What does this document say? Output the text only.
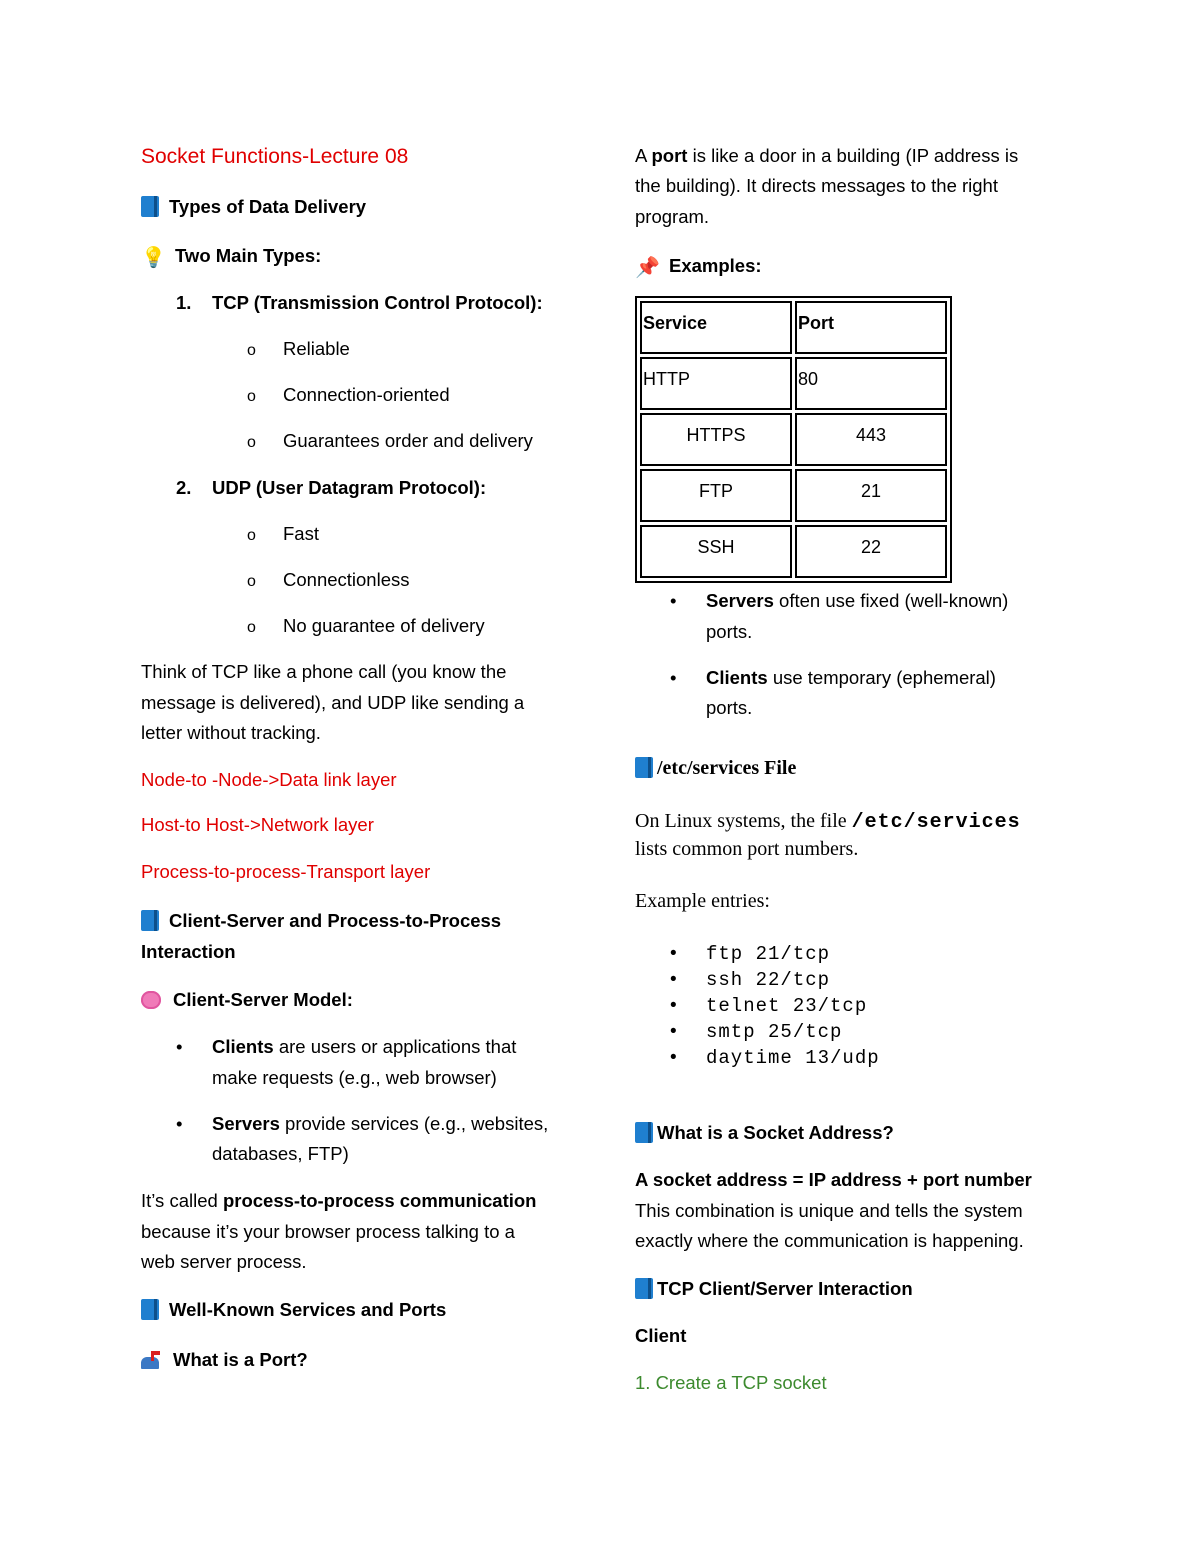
Socket Functions-Lecture 08
Types of Data Delivery
💡 Two Main Types:
1. TCP (Transmission Control Protocol):
o Reliable
o Connection-oriented
o Guarantees order and delivery
2. UDP (User Datagram Protocol):
o Fast
o Connectionless
o No guarantee of delivery
Think of TCP like a phone call (you know the
message is delivered), and UDP like sending a
letter without tracking.
Node-to -Node->Data link layer
Host-to Host->Network layer
Process-to-process-Transport layer
Client-Server and Process-to-Process
Interaction
Client-Server Model:
• Clients are users or applications that
make requests (e.g., web browser)
• Servers provide services (e.g., websites,
databases, FTP)
It’s called process-to-process communication
because it’s your browser process talking to a
web server process.
Well-Known Services and Ports
What is a Port?
A port is like a door in a building (IP address is
the building). It directs messages to the right
program.
📌 Examples:
• Servers often use fixed (well-known)
ports.
• Clients use temporary (ephemeral)
ports.
/etc/services File
On Linux systems, the file /etc/services
lists common port numbers.
Example entries:
• ftp 21/tcp
• ssh 22/tcp
• telnet 23/tcp
• smtp 25/tcp
• daytime 13/udp
What is a Socket Address?
A socket address = IP address + port number
This combination is unique and tells the system
exactly where the communication is happening.
TCP Client/Server Interaction
Client
1. Create a TCP socket
Service	Port
HTTP	80
HTTPS	443
FTP	21
SSH	22
